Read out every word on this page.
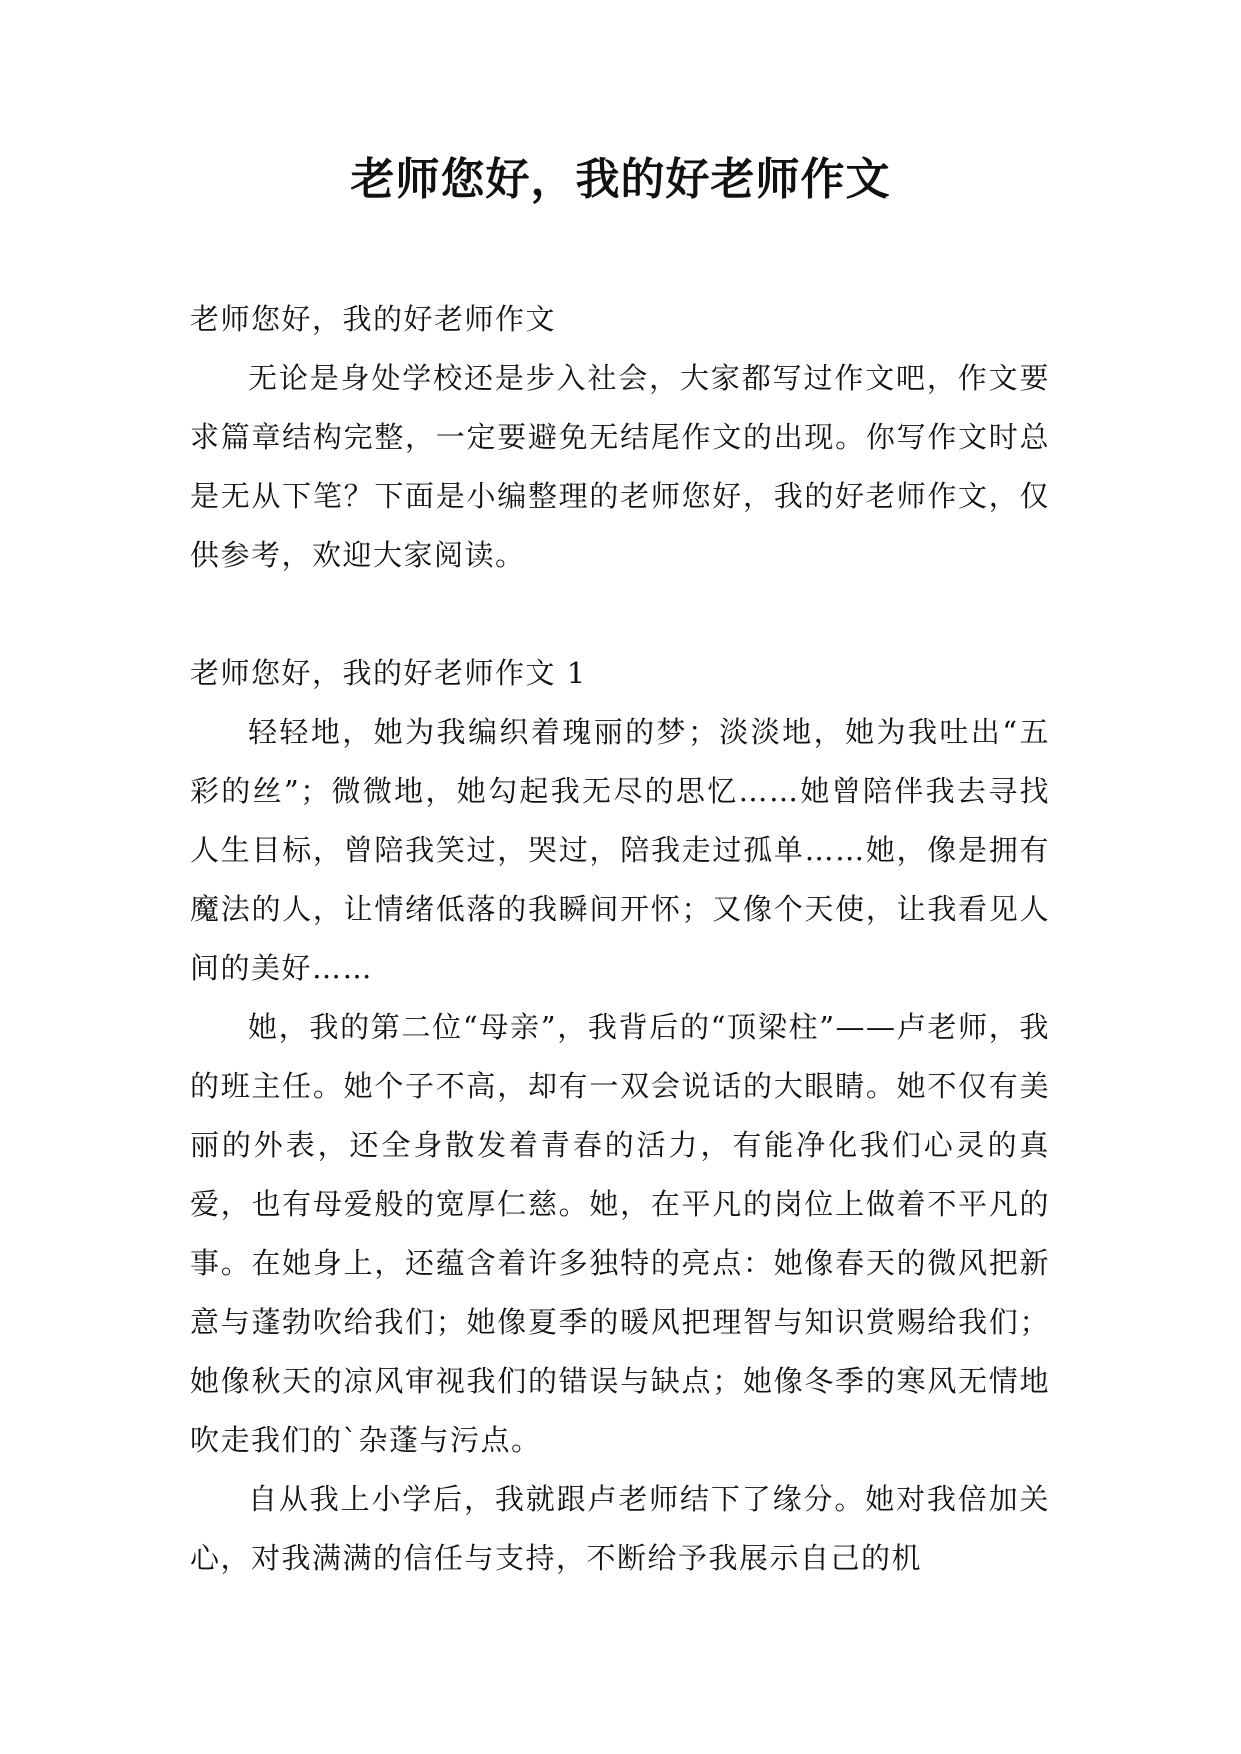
老师您好，我的好老师作文
老师您好，我的好老师作文

无论是身处学校还是步入社会，大家都写过作文吧，作文要求篇章结构完整，一定要避免无结尾作文的出现。你写作文时总是无从下笔？下面是小编整理的老师您好，我的好老师作文，仅供参考，欢迎大家阅读。

老师您好，我的好老师作文 1

轻轻地，她为我编织着瑰丽的梦；淡淡地，她为我吐出“五彩的丝”；微微地，她勾起我无尽的思忆……她曾陪伴我去寻找人生目标，曾陪我笑过，哭过，陪我走过孤单……她，像是拥有魔法的人，让情绪低落的我瞬间开怀；又像个天使，让我看见人间的美好……

她，我的第二位“母亲”，我背后的“顶梁柱”——卢老师，我的班主任。她个子不高，却有一双会说话的大眼睛。她不仅有美丽的外表，还全身散发着青春的活力，有能净化我们心灵的真爱，也有母爱般的宽厚仁慈。她，在平凡的岗位上做着不平凡的事。在她身上，还蕴含着许多独特的亮点：她像春天的微风把新意与蓬勃吹给我们；她像夏季的暖风把理智与知识赏赐给我们；她像秋天的凉风审视我们的错误与缺点；她像冬季的寒风无情地吹走我们的`杂蓬与污点。

自从我上小学后，我就跟卢老师结下了缘分。她对我倍加关心，对我满满的信任与支持，不断给予我展示自己的机
